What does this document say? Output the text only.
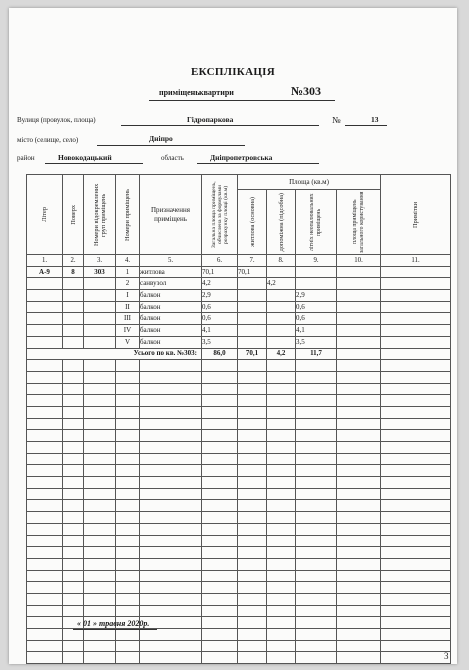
ЕКСПЛІКАЦІЯ
приміщень квартири	№303
Вулиця (провулок, площа)	Гідропаркова	№	13
місто (селище, село)	Дніпро
район	Новокодацький	область	Дніпропетровська
Літер	Поверх	Номери відокремлених груп приміщень	Номери приміщень	Призначення приміщень	Загальна площа приміщень, обчислена за формулами розрахунку площі (кв.м)	Площа (кв.м)				Примітки

						житлова (основна)	допоміжна (підсобна)	літніх неопалювальних приміщень	площа приміщень загального користування	

1.	2.	3.	4.	5.	6.	7.	8.	9.	10.	11.
А-9	8	303	1	житлова	70,1	70,1				
			2	санвузол	4,2		4,2			
			І	балкон	2,9			2,9		
			ІІ	балкон	0,6			0,6		
			ІІІ	балкон	0,6			0,6		
			IV	балкон	4,1			4,1		
			V	балкон	3,5			3,5		
Усього по кв. №303:					86,0	70,1	4,2	11,7		

« 01 » травня 2020р.
3
